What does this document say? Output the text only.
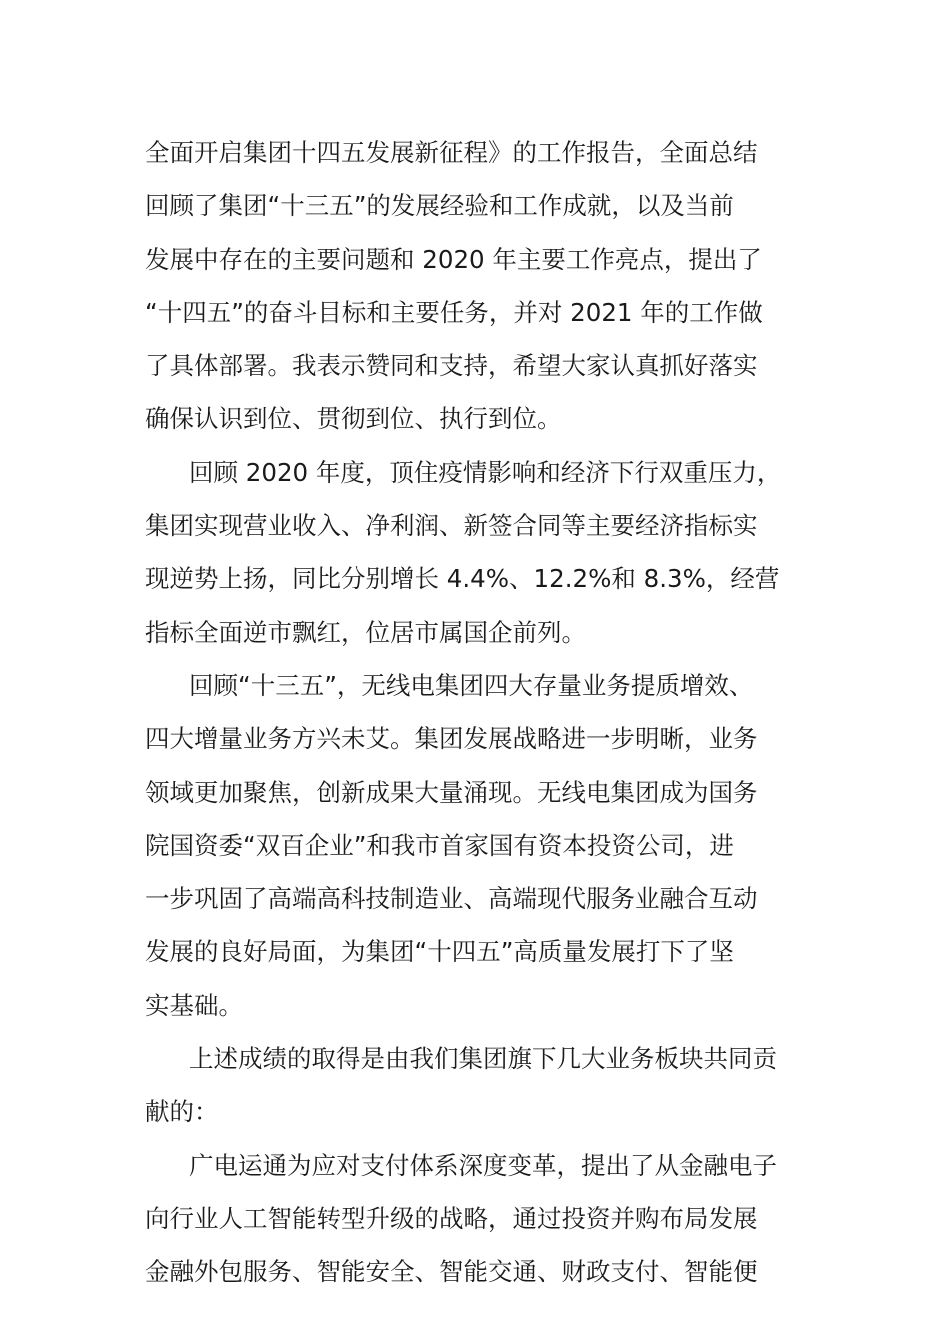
全面开启集团十四五发展新征程》的工作报告，全面总结
回顾了集团“十三五”的发展经验和工作成就，以及当前
发展中存在的主要问题和 2020 年主要工作亮点，提出了
“十四五”的奋斗目标和主要任务，并对 2021 年的工作做
了具体部署。我表示赞同和支持，希望大家认真抓好落实
确保认识到位、贯彻到位、执行到位。
回顾 2020 年度，顶住疫情影响和经济下行双重压力，
集团实现营业收入、净利润、新签合同等主要经济指标实
现逆势上扬，同比分别增长 4.4%、12.2%和 8.3%，经营
指标全面逆市飘红，位居市属国企前列。
回顾“十三五”，无线电集团四大存量业务提质增效、
四大增量业务方兴未艾。集团发展战略进一步明晰，业务
领域更加聚焦，创新成果大量涌现。无线电集团成为国务
院国资委“双百企业”和我市首家国有资本投资公司，进
一步巩固了高端高科技制造业、高端现代服务业融合互动
发展的良好局面，为集团“十四五”高质量发展打下了坚
实基础。
上述成绩的取得是由我们集团旗下几大业务板块共同贡
献的：
广电运通为应对支付体系深度变革，提出了从金融电子
向行业人工智能转型升级的战略，通过投资并购布局发展
金融外包服务、智能安全、智能交通、财政支付、智能便
